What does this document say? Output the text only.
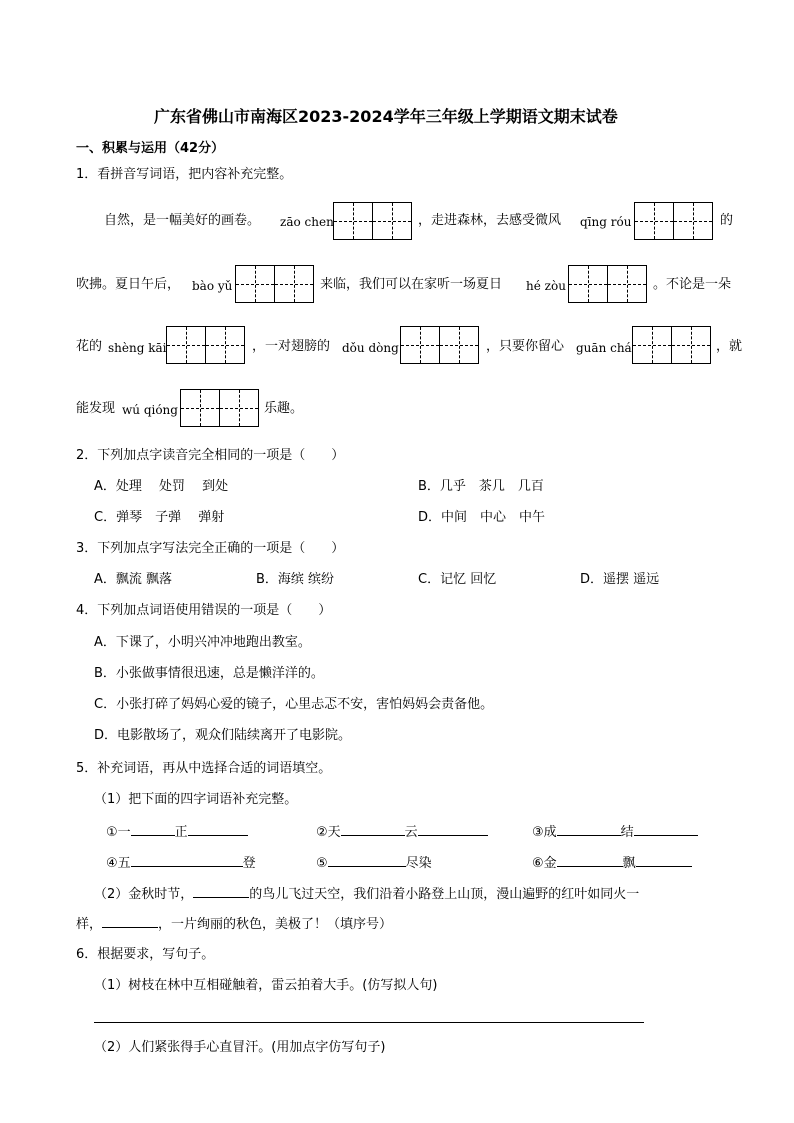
广东省佛山市南海区2023-2024学年三年级上学期语文期末试卷
一、积累与运用（42分）
1．看拼音写词语，把内容补充完整。
自然，是一幅美好的画卷。 zāo chen	，走进森林，去感受微风 qīng róu	的
吹拂。夏日午后， bào yǔ	来临，我们可以在家听一场夏日 hé zòu	。不论是一朵
花的 shèng kāi	，一对翅膀的 dǒu dòng	，只要你留心 guān chá	，就
能发现 wú qióng	乐趣。
2．下列加点字读音完全相同的一项是（　　）
A．处理　 处罚　 到处	B．几乎　茶几　几百
C．弹琴　子弹　 弹射	D．中间　中心　中午
3．下列加点字写法完全正确的一项是（　　）
A．飘流 飘落	B．海缤 缤纷	C．记忆 回忆	D．遥摆 遥远
4．下列加点词语使用错误的一项是（　　）
A．下课了，小明兴冲冲地跑出教室。
B．小张做事情很迅速，总是懒洋洋的。
C．小张打碎了妈妈心爱的镜子，心里忐忑不安，害怕妈妈会责备他。
D．电影散场了，观众们陆续离开了电影院。
5．补充词语，再从中选择合适的词语填空。
（1）把下面的四字词语补充完整。
①一	正	②天	云	③成	结
④五	登	⑤	尽染	⑥金	飘
（2）金秋时节，	的鸟儿飞过天空，我们沿着小路登上山顶，漫山遍野的红叶如同火一
样，	，一片绚丽的秋色，美极了！（填序号）
6．根据要求，写句子。
（1）树枝在林中互相碰触着，雷云拍着大手。(仿写拟人句)
（2）人们紧张得手心直冒汗。(用加点字仿写句子)
